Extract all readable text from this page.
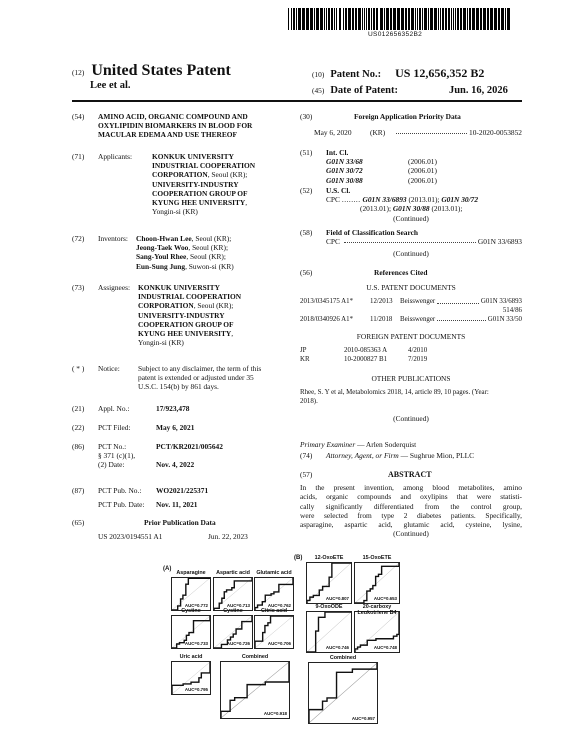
US012656352B2
(12) United States Patent
Lee et al.
(10) Patent No.: US 12,656,352 B2
(45) Date of Patent:	Jun. 16, 2026
(54)	AMINO ACID, ORGANIC COMPOUND AND OXYLIPIDIN BIOMARKERS IN BLOOD FOR MACULAR EDEMA AND USE THEREOF
(71)	Applicants:	KONKUK UNIVERSITY
INDUSTRIAL COOPERATION
CORPORATION, Seoul (KR);
UNIVERSITY-INDUSTRY
COOPERATION GROUP OF
KYUNG HEE UNIVERSITY,
Yongin-si (KR)
(72)	Inventors:	Choon-Hwan Lee, Seoul (KR);
Jeong-Taek Woo, Seoul (KR);
Sang-Youl Rhee, Seoul (KR);
Eun-Sung Jung, Suwon-si (KR)
(73)	Assignees:	KONKUK UNIVERSITY
INDUSTRIAL COOPERATION
CORPORATION, Seoul (KR);
UNIVERSITY-INDUSTRY
COOPERATION GROUP OF
KYUNG HEE UNIVERSITY,
Yongin-si (KR)
( * )	Notice:	Subject to any disclaimer, the term of this
patent is extended or adjusted under 35
U.S.C. 154(b) by 861 days.
(21)	Appl. No.:	17/923,478
(22)	PCT Filed:	May 6, 2021
(86)	PCT No.:	PCT/KR2021/005642
§ 371 (c)(1),
(2) Date:	Nov. 4, 2022
(87)	PCT Pub. No.:	WO2021/225371
PCT Pub. Date:	Nov. 11, 2021
(65)	Prior Publication Data
US 2023/0194551 A1	Jun. 22, 2023
(30)	Foreign Application Priority Data
May 6, 2020	(KR)	10-2020-0053852
(51)	Int. Cl.
G01N 33/68	(2006.01)
G01N 30/72	(2006.01)
G01N 30/88	(2006.01)
(52)	U.S. Cl.
CPC ........ G01N 33/6893 (2013.01); G01N 30/72
(2013.01); G01N 30/88 (2013.01);
(Continued)
(58)	Field of Classification Search
CPC	G01N 33/6893
(Continued)
(56)	References Cited
U.S. PATENT DOCUMENTS
2013/0345175 A1*	12/2013	Beisswenger	G01N 33/6893
514/86
2018/0340926 A1*	11/2018	Beisswenger	G01N 33/50
FOREIGN PATENT DOCUMENTS
JP	2010-085363 A	4/2010
KR	10-2000827 B1	7/2019
OTHER PUBLICATIONS
Rhee, S. Y et al, Metabolomics 2018, 14, article 89, 10 pages. (Year:
2018).
(Continued)
Primary Examiner — Arlen Soderquist
(74)	Attorney, Agent, or Firm — Sughrue Mion, PLLC
(57)	ABSTRACT
In the present invention, among blood metabolites, amino
acids, organic compounds and oxylipins that were statisti-
cally significantly differentiated from the control group,
were selected from type 2 diabetes patients. Specifically,
asparagine, aspartic acid, glutamic acid, cysteine, lysine,
(Continued)
(A)
(B)
Asparagine
AUC=0.772
Aspartic acid
AUC=0.713
Glutamic acid
AUC=0.762
Cystine
AUC=0.733
Cystine
AUC=0.726
Citric acid
AUC=0.706
Uric acid
AUC=0.795
Combined
AUC=0.918
12-OxoETE
AUC=0.807
15-OxoETE
AUC=0.653
9-OxoODE
AUC=0.746
20-carboxy Leukotriene B4
AUC=0.748
Combined
AUC=0.957
